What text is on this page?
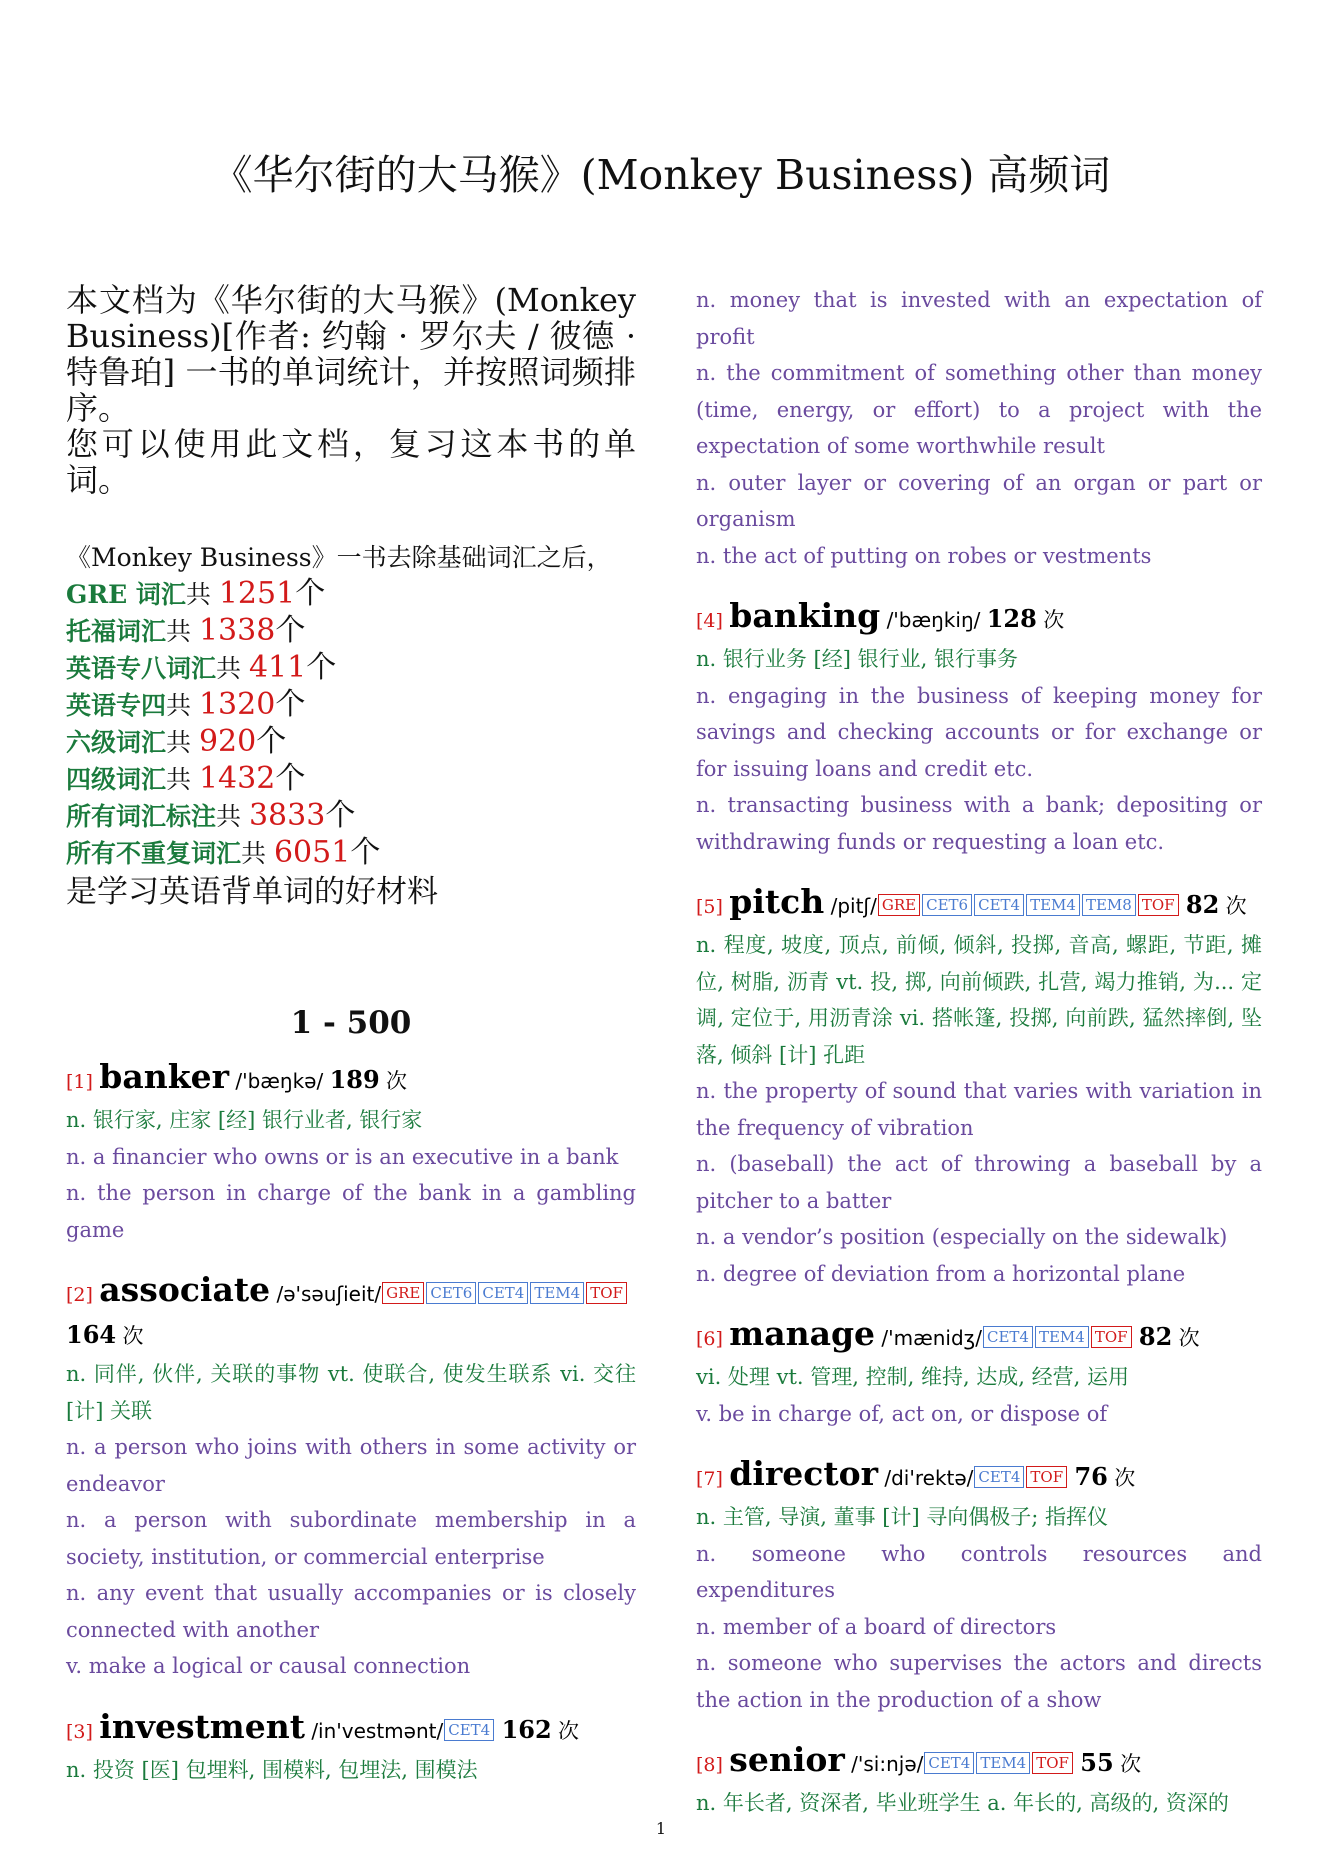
《华尔街的大马猴》(Monkey Business) 高频词

本文档为《华尔街的大马猴》(Monkey Business)[作者: 约翰 · 罗尔夫 / 彼德 · 特鲁珀] 一书的单词统计，并按照词频排序。

您可以使用此文档，复习这本书的单词。

《Monkey Business》一书去除基础词汇之后，
GRE 词汇共 1251个
托福词汇共 1338个
英语专八词汇共 411个
英语专四共 1320个
六级词汇共 920个
四级词汇共 1432个
所有词汇标注共 3833个
所有不重复词汇共 6051个
是学习英语背单词的好材料
1 - 500
[1] banker /'bæŋkə/ 189 次

n. 银行家, 庄家 [经] 银行业者, 银行家

n. a financier who owns or is an executive in a bank

n. the person in charge of the bank in a gambling game

[2] associate /ə'səuʃieit/ GRE CET6 CET4 TEM4 TOF 164 次

n. 同伴, 伙伴, 关联的事物 vt. 使联合, 使发生联系 vi. 交往 [计] 关联

n. a person who joins with others in some activity or endeavor

n. a person with subordinate membership in a society, institution, or commercial enterprise

n. any event that usually accompanies or is closely connected with another

v. make a logical or causal connection

[3] investment /in'vestmənt/ CET4 162 次

n. 投资 [医] 包埋料, 围模料, 包埋法, 围模法

n. money that is invested with an expectation of profit

n. the commitment of something other than money (time, energy, or effort) to a project with the expectation of some worthwhile result

n. outer layer or covering of an organ or part or organism

n. the act of putting on robes or vestments

[4] banking /'bæŋkiŋ/ 128 次

n. 银行业务 [经] 银行业, 银行事务

n. engaging in the business of keeping money for savings and checking accounts or for exchange or for issuing loans and credit etc.

n. transacting business with a bank; depositing or withdrawing funds or requesting a loan etc.

[5] pitch /pitʃ/ GRE CET6 CET4 TEM4 TEM8 TOF 82 次

n. 程度, 坡度, 顶点, 前倾, 倾斜, 投掷, 音高, 螺距, 节距, 摊位, 树脂, 沥青 vt. 投, 掷, 向前倾跌, 扎营, 竭力推销, 为... 定调, 定位于, 用沥青涂 vi. 搭帐篷, 投掷, 向前跌, 猛然摔倒, 坠落, 倾斜 [计] 孔距

n. the property of sound that varies with variation in the frequency of vibration

n. (baseball) the act of throwing a baseball by a pitcher to a batter

n. a vendor’s position (especially on the sidewalk)

n. degree of deviation from a horizontal plane

[6] manage /'mænidʒ/ CET4 TEM4 TOF 82 次

vi. 处理 vt. 管理, 控制, 维持, 达成, 经营, 运用

v. be in charge of, act on, or dispose of

[7] director /di'rektə/ CET4 TOF 76 次

n. 主管, 导演, 董事 [计] 寻向偶极子; 指挥仪

n. someone who controls resources and expenditures

n. member of a board of directors

n. someone who supervises the actors and directs the action in the production of a show

[8] senior /'si:njə/ CET4 TEM4 TOF 55 次

n. 年长者, 资深者, 毕业班学生 a. 年长的, 高级的, 资深的

1
